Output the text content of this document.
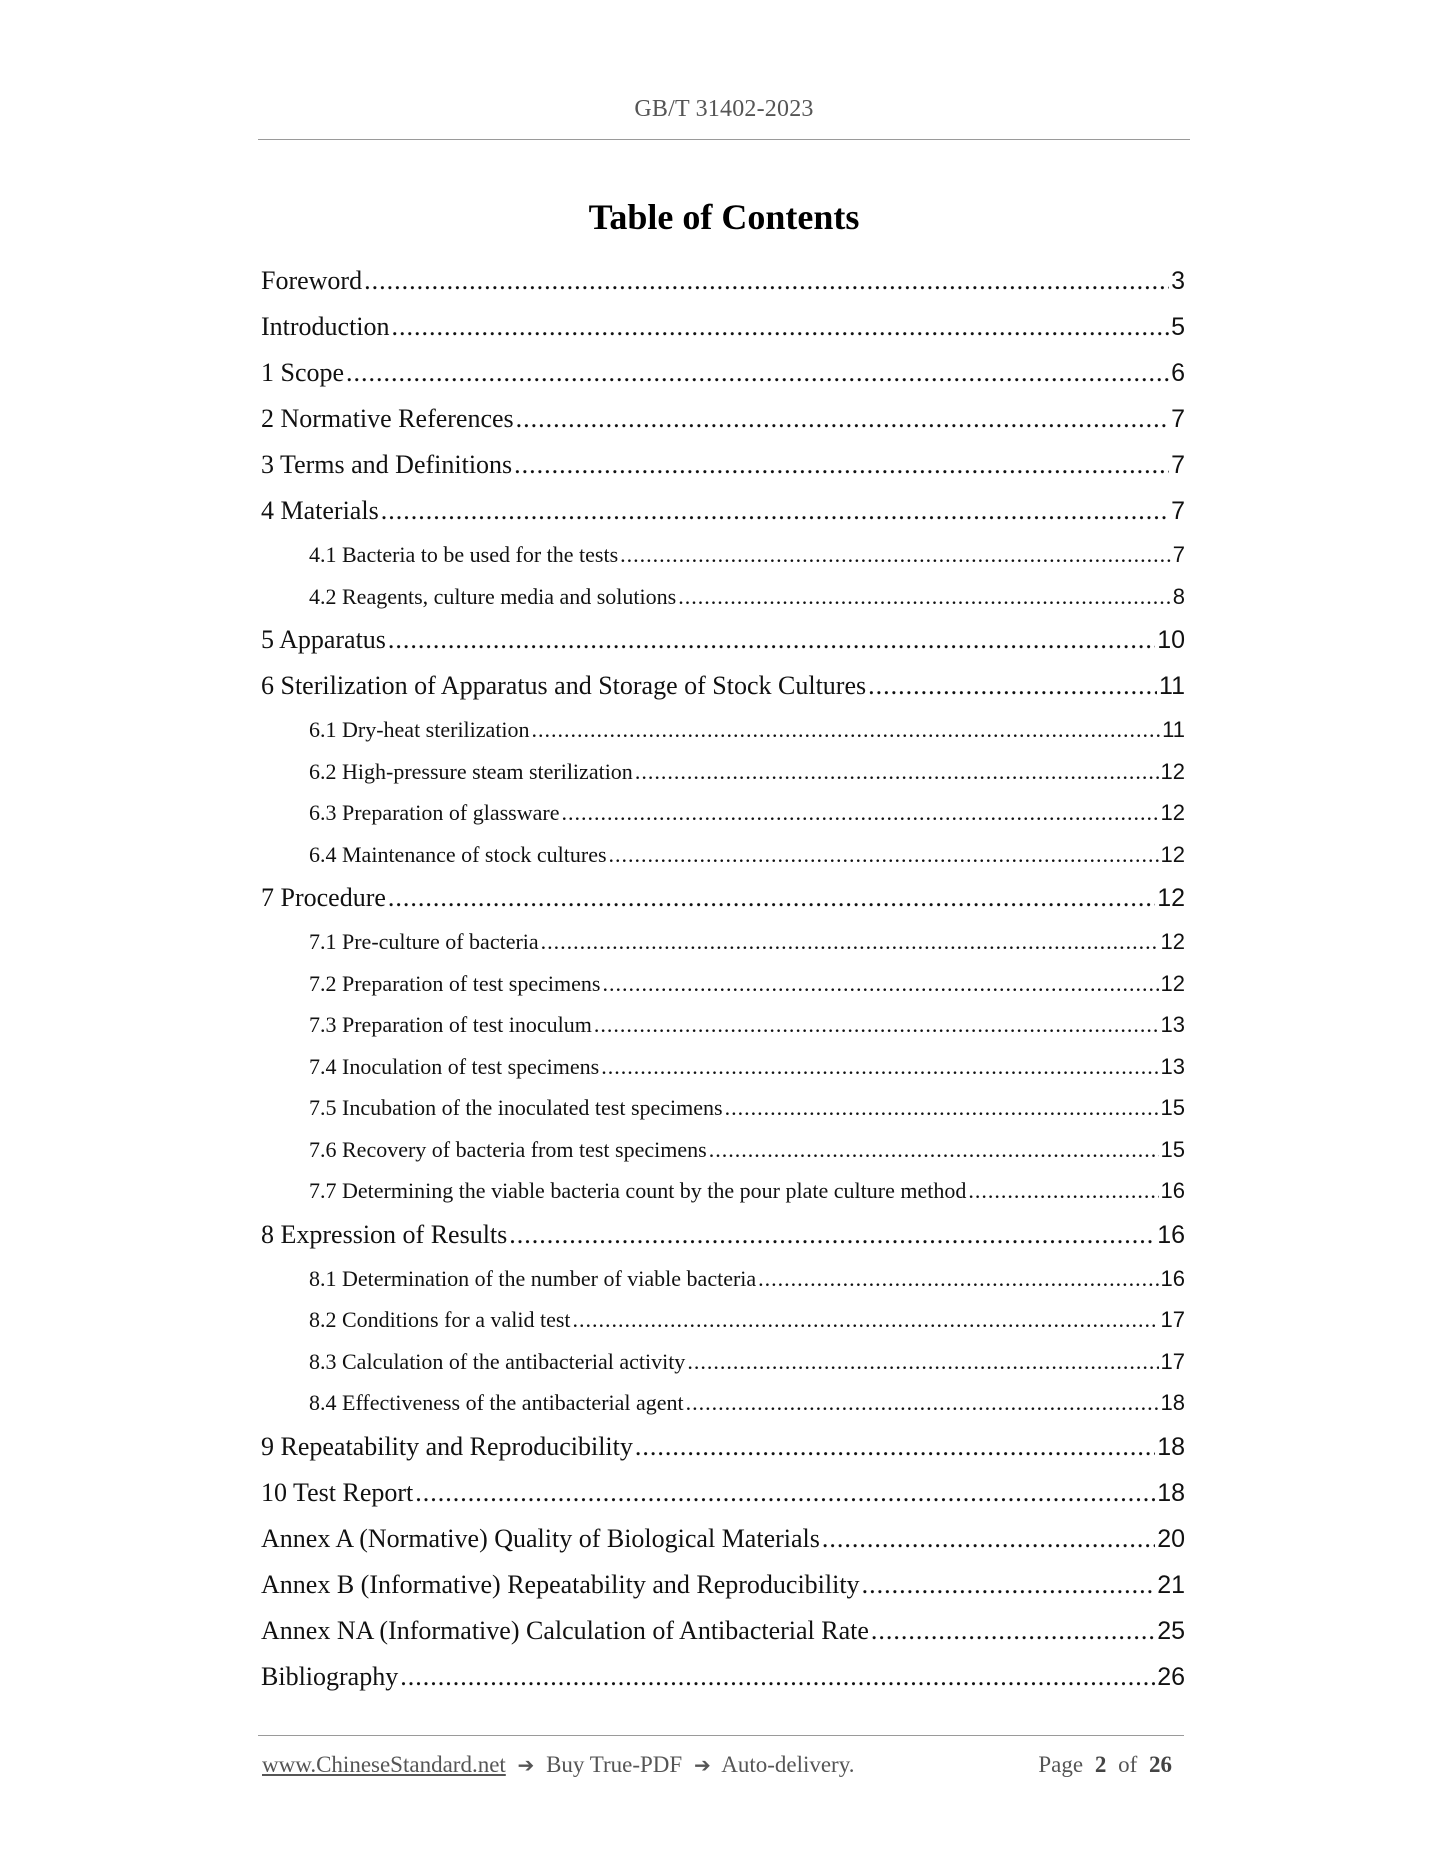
GB/T 31402-2023
Table of Contents
Foreword .....	3
Introduction .....	5
1 Scope .....	6
2 Normative References .....	7
3 Terms and Definitions .....	7
4 Materials .....	7
4.1 Bacteria to be used for the tests .....	7
4.2 Reagents, culture media and solutions .....	8
5 Apparatus .....	10
6 Sterilization of Apparatus and Storage of Stock Cultures .....	11
6.1 Dry-heat sterilization .....	11
6.2 High-pressure steam sterilization .....	12
6.3 Preparation of glassware .....	12
6.4 Maintenance of stock cultures .....	12
7 Procedure .....	12
7.1 Pre-culture of bacteria .....	12
7.2 Preparation of test specimens .....	12
7.3 Preparation of test inoculum .....	13
7.4 Inoculation of test specimens .....	13
7.5 Incubation of the inoculated test specimens .....	15
7.6 Recovery of bacteria from test specimens .....	15
7.7 Determining the viable bacteria count by the pour plate culture method .....	16
8 Expression of Results .....	16
8.1 Determination of the number of viable bacteria .....	16
8.2 Conditions for a valid test .....	17
8.3 Calculation of the antibacterial activity .....	17
8.4 Effectiveness of the antibacterial agent .....	18
9 Repeatability and Reproducibility .....	18
10 Test Report .....	18
Annex A (Normative) Quality of Biological Materials .....	20
Annex B (Informative) Repeatability and Reproducibility .....	21
Annex NA (Informative) Calculation of Antibacterial Rate .....	25
Bibliography .....	26
www.ChineseStandard.net ➔ Buy True-PDF ➔ Auto-delivery.	Page 2 of 26
